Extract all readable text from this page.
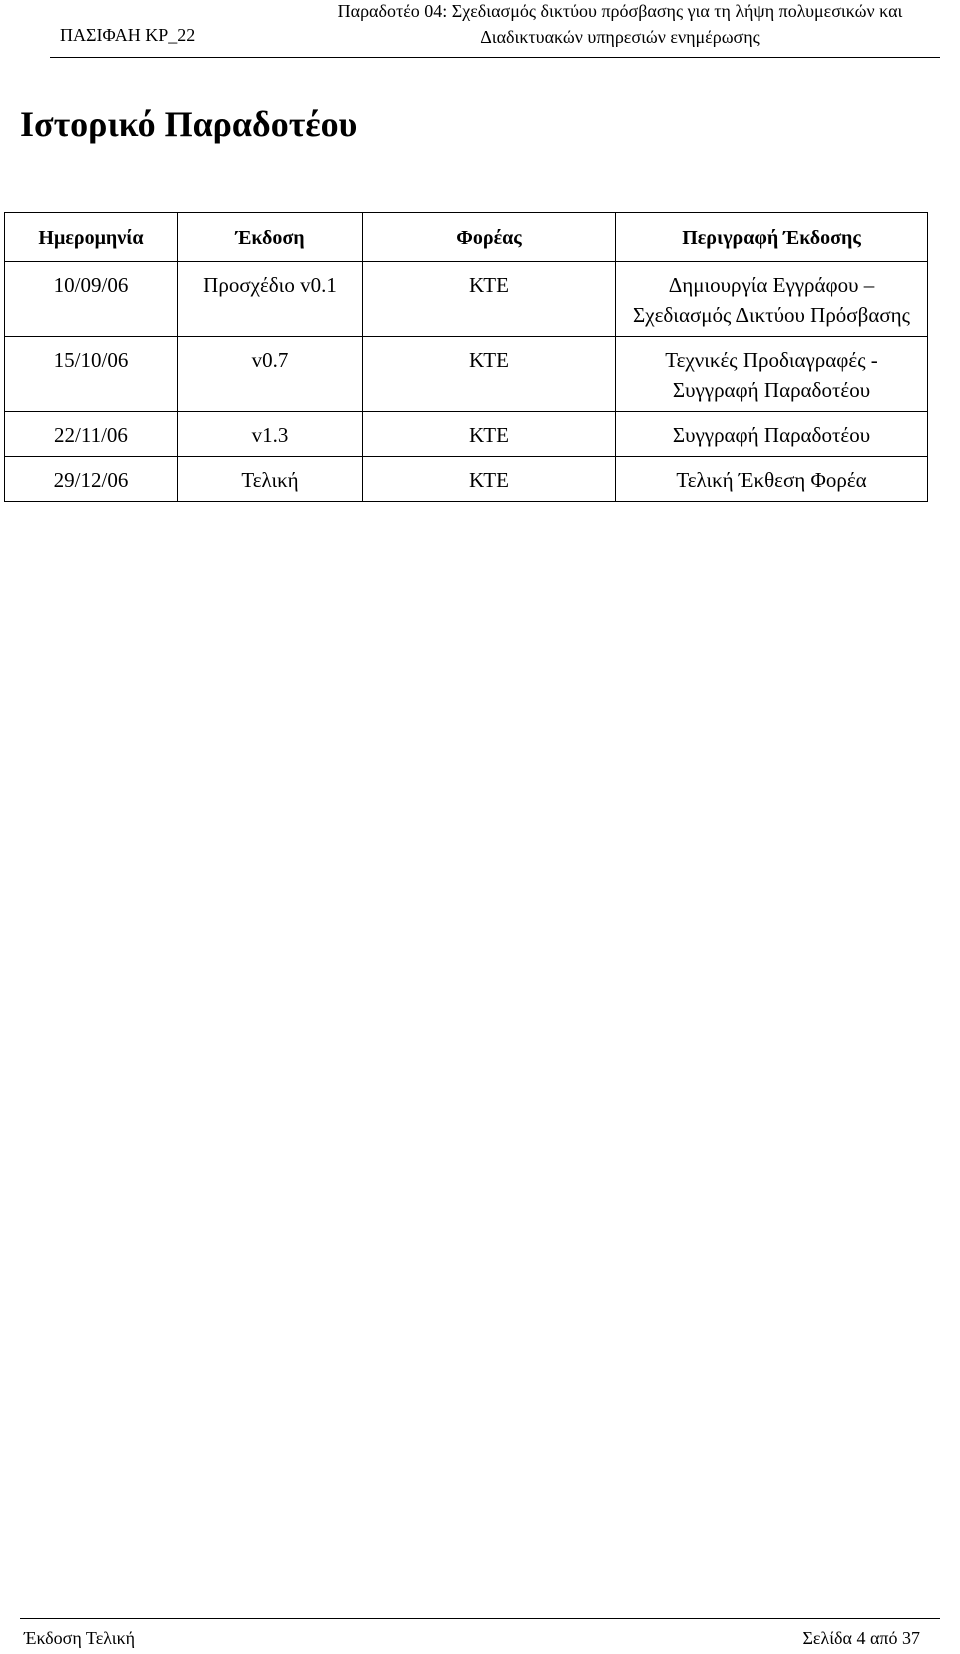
ΠΑΣΙΦΑΗ ΚΡ_22
Παραδοτέο 04: Σχεδιασμός δικτύου πρόσβασης για τη λήψη πολυμεσικών και
Διαδικτυακών υπηρεσιών ενημέρωσης
Ιστορικό Παραδοτέου
Ημερομηνία	Έκδοση	Φορέας	Περιγραφή Έκδοσης
10/09/06	Προσχέδιο v0.1	ΚΤΕ	Δημιουργία Εγγράφου –
Σχεδιασμός Δικτύου Πρόσβασης

15/10/06	v0.7	ΚΤΕ	Τεχνικές Προδιαγραφές -
Συγγραφή Παραδοτέου

22/11/06	v1.3	ΚΤΕ	Συγγραφή Παραδοτέου

29/12/06	Τελική	ΚΤΕ	Τελική Έκθεση Φορέα
Έκδοση Τελική	Σελίδα 4 από 37
